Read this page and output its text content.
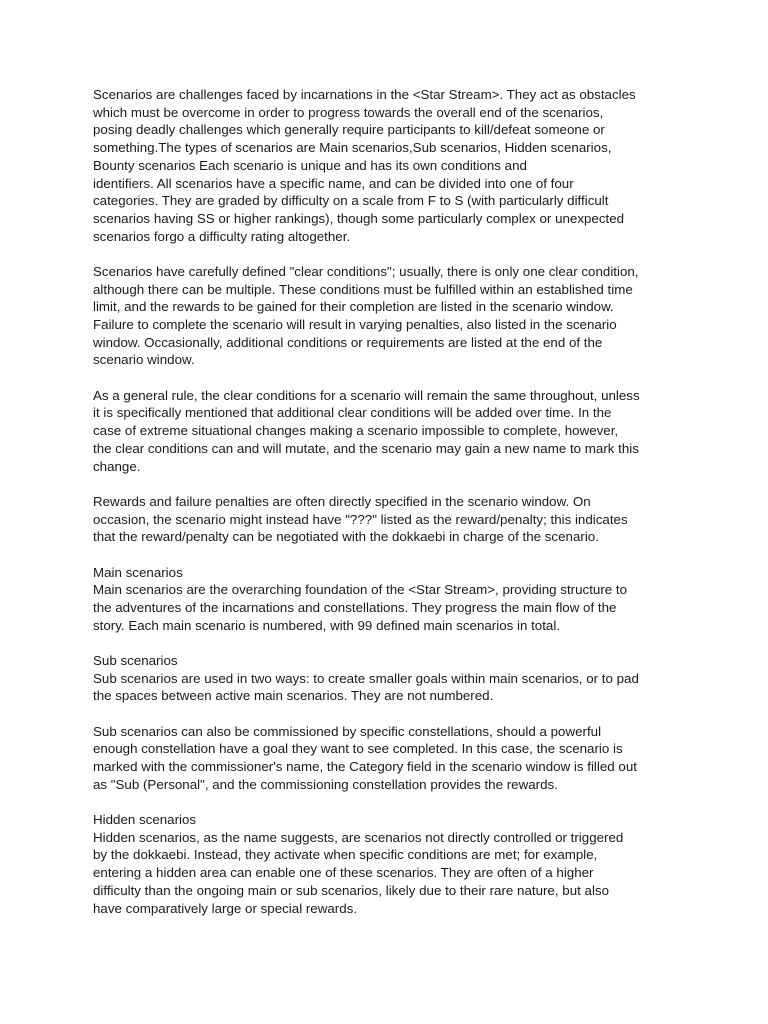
Scenarios are challenges faced by incarnations in the <Star Stream>. They act as obstacles
which must be overcome in order to progress towards the overall end of the scenarios,
posing deadly challenges which generally require participants to kill/defeat someone or
something.The types of scenarios are Main scenarios,Sub scenarios, Hidden scenarios,
Bounty scenarios Each scenario is unique and has its own conditions and
identifiers. All scenarios have a specific name, and can be divided into one of four
categories. They are graded by difficulty on a scale from F to S (with particularly difficult
scenarios having SS or higher rankings), though some particularly complex or unexpected
scenarios forgo a difficulty rating altogether.

Scenarios have carefully defined "clear conditions"; usually, there is only one clear condition,
although there can be multiple. These conditions must be fulfilled within an established time
limit, and the rewards to be gained for their completion are listed in the scenario window.
Failure to complete the scenario will result in varying penalties, also listed in the scenario
window. Occasionally, additional conditions or requirements are listed at the end of the
scenario window.

As a general rule, the clear conditions for a scenario will remain the same throughout, unless
it is specifically mentioned that additional clear conditions will be added over time. In the
case of extreme situational changes making a scenario impossible to complete, however,
the clear conditions can and will mutate, and the scenario may gain a new name to mark this
change.

Rewards and failure penalties are often directly specified in the scenario window. On
occasion, the scenario might instead have "???" listed as the reward/penalty; this indicates
that the reward/penalty can be negotiated with the dokkaebi in charge of the scenario.

Main scenarios

Main scenarios are the overarching foundation of the <Star Stream>, providing structure to
the adventures of the incarnations and constellations. They progress the main flow of the
story. Each main scenario is numbered, with 99 defined main scenarios in total.

Sub scenarios

Sub scenarios are used in two ways: to create smaller goals within main scenarios, or to pad
the spaces between active main scenarios. They are not numbered.

Sub scenarios can also be commissioned by specific constellations, should a powerful
enough constellation have a goal they want to see completed. In this case, the scenario is
marked with the commissioner's name, the Category field in the scenario window is filled out
as "Sub (Personal", and the commissioning constellation provides the rewards.

Hidden scenarios

Hidden scenarios, as the name suggests, are scenarios not directly controlled or triggered
by the dokkaebi. Instead, they activate when specific conditions are met; for example,
entering a hidden area can enable one of these scenarios. They are often of a higher
difficulty than the ongoing main or sub scenarios, likely due to their rare nature, but also
have comparatively large or special rewards.
